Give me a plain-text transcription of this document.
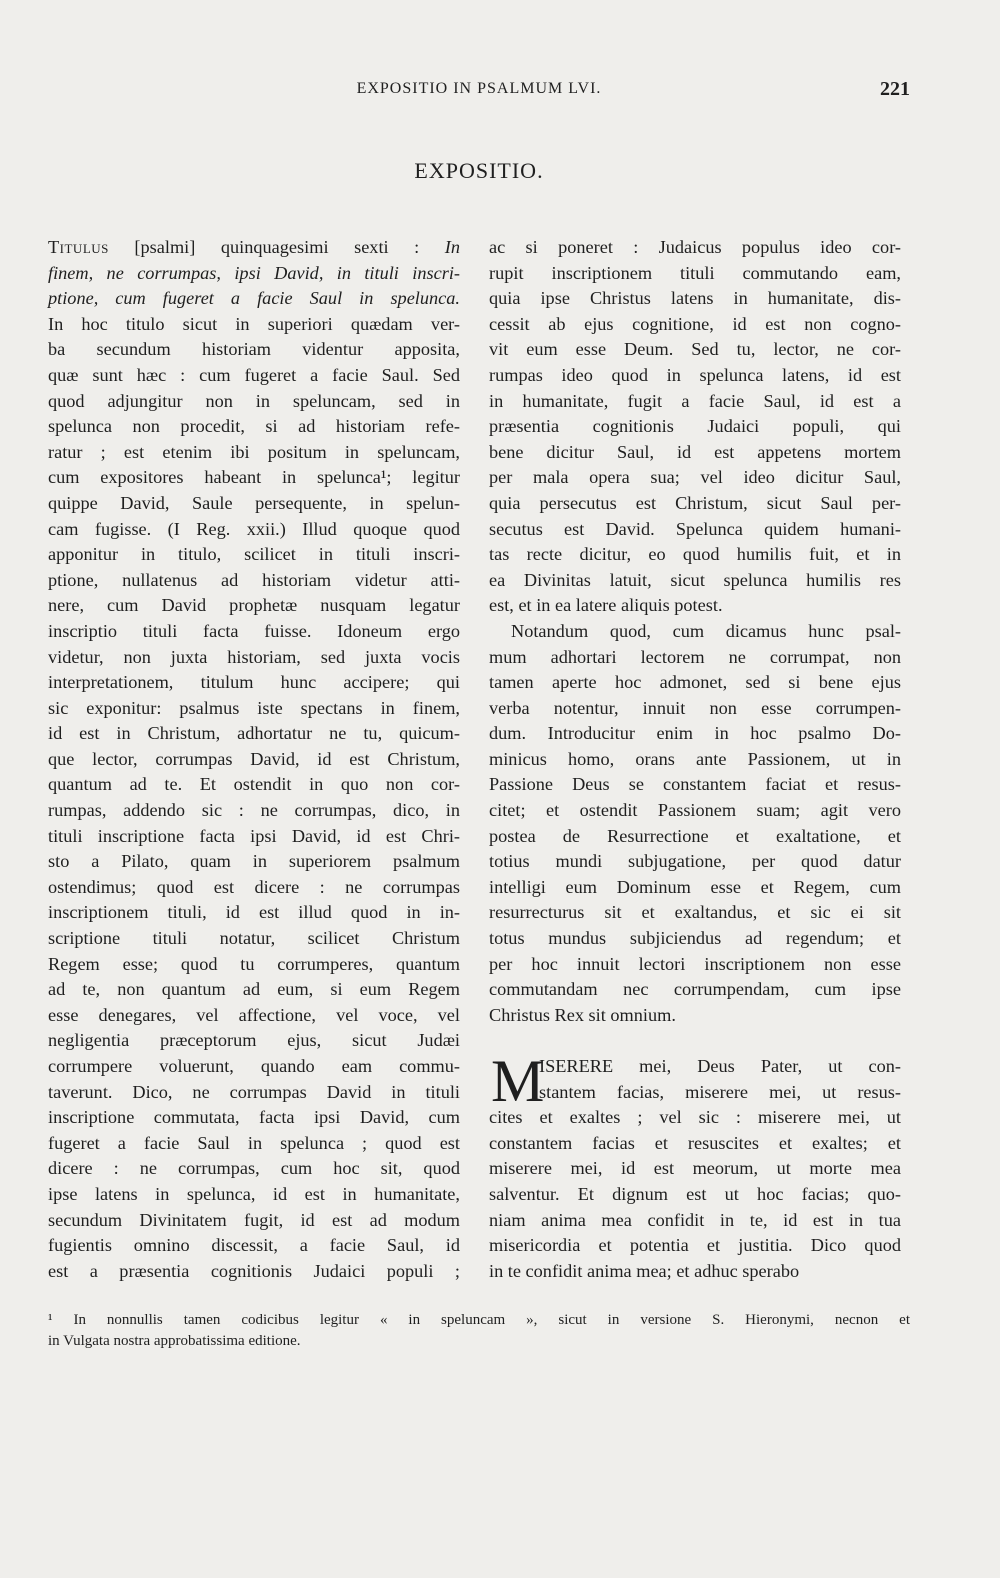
EXPOSITIO IN PSALMUM LVI.	221
EXPOSITIO.
Titulus [psalmi] quinquagesimi sexti : In
finem, ne corrumpas, ipsi David, in tituli inscri-
ptione, cum fugeret a facie Saul in spelunca.
In hoc titulo sicut in superiori quædam ver-
ba secundum historiam videntur apposita,
quæ sunt hæc : cum fugeret a facie Saul. Sed
quod adjungitur non in speluncam, sed in
spelunca non procedit, si ad historiam refe-
ratur ; est etenim ibi positum in speluncam,
cum expositores habeant in spelunca¹; legitur
quippe David, Saule persequente, in spelun-
cam fugisse. (I Reg. xxii.) Illud quoque quod
apponitur in titulo, scilicet in tituli inscri-
ptione, nullatenus ad historiam videtur atti-
nere, cum David prophetæ nusquam legatur
inscriptio tituli facta fuisse. Idoneum ergo
videtur, non juxta historiam, sed juxta vocis
interpretationem, titulum hunc accipere; qui
sic exponitur: psalmus iste spectans in finem,
id est in Christum, adhortatur ne tu, quicum-
que lector, corrumpas David, id est Christum,
quantum ad te. Et ostendit in quo non cor-
rumpas, addendo sic : ne corrumpas, dico, in
tituli inscriptione facta ipsi David, id est Chri-
sto a Pilato, quam in superiorem psalmum
ostendimus; quod est dicere : ne corrumpas
inscriptionem tituli, id est illud quod in in-
scriptione tituli notatur, scilicet Christum
Regem esse; quod tu corrumperes, quantum
ad te, non quantum ad eum, si eum Regem
esse denegares, vel affectione, vel voce, vel
negligentia præceptorum ejus, sicut Judæi
corrumpere voluerunt, quando eam commu-
taverunt. Dico, ne corrumpas David in tituli
inscriptione commutata, facta ipsi David, cum
fugeret a facie Saul in spelunca ; quod est
dicere : ne corrumpas, cum hoc sit, quod
ipse latens in spelunca, id est in humanitate,
secundum Divinitatem fugit, id est ad modum
fugientis omnino discessit, a facie Saul, id
est a præsentia cognitionis Judaici populi ;
ac si poneret : Judaicus populus ideo cor-
rupit inscriptionem tituli commutando eam,
quia ipse Christus latens in humanitate, dis-
cessit ab ejus cognitione, id est non cogno-
vit eum esse Deum. Sed tu, lector, ne cor-
rumpas ideo quod in spelunca latens, id est
in humanitate, fugit a facie Saul, id est a
præsentia cognitionis Judaici populi, qui
bene dicitur Saul, id est appetens mortem
per mala opera sua; vel ideo dicitur Saul,
quia persecutus est Christum, sicut Saul per-
secutus est David. Spelunca quidem humani-
tas recte dicitur, eo quod humilis fuit, et in
ea Divinitas latuit, sicut spelunca humilis res
est, et in ea latere aliquis potest.
Notandum quod, cum dicamus hunc psal-
mum adhortari lectorem ne corrumpat, non
tamen aperte hoc admonet, sed si bene ejus
verba notentur, innuit non esse corrumpen-
dum. Introducitur enim in hoc psalmo Do-
minicus homo, orans ante Passionem, ut in
Passione Deus se constantem faciat et resus-
citet; et ostendit Passionem suam; agit vero
postea de Resurrectione et exaltatione, et
totius mundi subjugatione, per quod datur
intelligi eum Dominum esse et Regem, cum
resurrecturus sit et exaltandus, et sic ei sit
totus mundus subjiciendus ad regendum; et
per hoc innuit lectori inscriptionem non esse
commutandam nec corrumpendam, cum ipse
Christus Rex sit omnium.
M
ISERERE mei, Deus Pater, ut con-
stantem facias, miserere mei, ut resus-
cites et exaltes ; vel sic : miserere mei, ut
constantem facias et resuscites et exaltes; et
miserere mei, id est meorum, ut morte mea
salventur. Et dignum est ut hoc facias; quo-
niam anima mea confidit in te, id est in tua
misericordia et potentia et justitia. Dico quod
in te confidit anima mea; et adhuc sperabo
¹ In nonnullis tamen codicibus legitur « in speluncam », sicut in versione S. Hieronymi, necnon et
in Vulgata nostra approbatissima editione.
